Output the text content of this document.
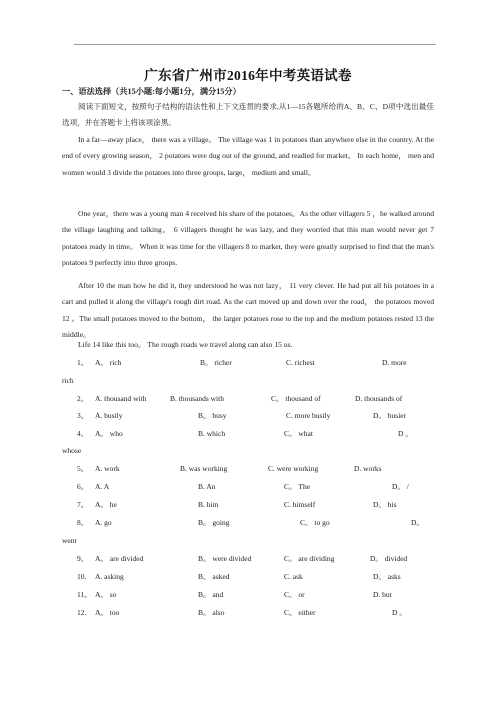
广东省广州市2016年中考英语试卷
一、语法选择（共15小题:每小题1分，满分15分）
阅读下面短文，按照句子结构的语法性和上下文连贯的要求,从1—15各题所给的A、B、C、D项中选出最佳选项，并在答题卡上将该项涂黑。
In a far—away place， there was a village。 The village was 1 in potatoes than anywhere else in the country. At the end of every growing season， 2 potatoes were dug out of the ground, and readied for market。 In each home， men and women would 3 divide the potatoes into three groups, large， medium and small。
One year，there was a young man 4 received his share of the potatoes。As the other villagers 5 ，he walked around the village laughing and talking。 6 villagers thought he was lazy, and they worried that this man would never get 7 potatoes ready in time。 When it was time for the villagers 8 to market, they were greatly surprised to find that the man's potatoes 9 perfectly into three groups.
After 10 the man how he did it, they understood he was not lazy， 11 very clever. He had put all his potatoes in a cart and pulled it along the village's rough dirt road. As the cart moved up and down over the road， the potatoes moved 12 。The small potatoes moved to the bottom， the larger potatoes rose to the top and the medium potatoes rested 13 the middle。
Life 14 like this too。 The rough roads we travel along can also 15 us.
1。 A。 rich	B。 richer	C. richest	D. more
rich
2。 A. thousand with	B. thousands with	C。 thousand of	D. thousands of
3。 A. busily	B。 busy	C. more busily	D。 busier
4。 A。 who	B. which	C。 what	D 。
whose
5。 A. work	B. was working	C. were working	D. works
6。 A. A	B. An	C。 The	D。 /
7。 A。 he	B. him	C. himself	D。 his
8。 A. go	B。 going	C。 to go	D。
went
9。 A。 are divided	B。 were divided	C。 are dividing	D。 divided
10. A. asking	B。 asked	C. ask	D。 asks
11。 A。 so	B。 and	C。 or	D. but
12. A。 too	B。 also	C。 either	D 。
